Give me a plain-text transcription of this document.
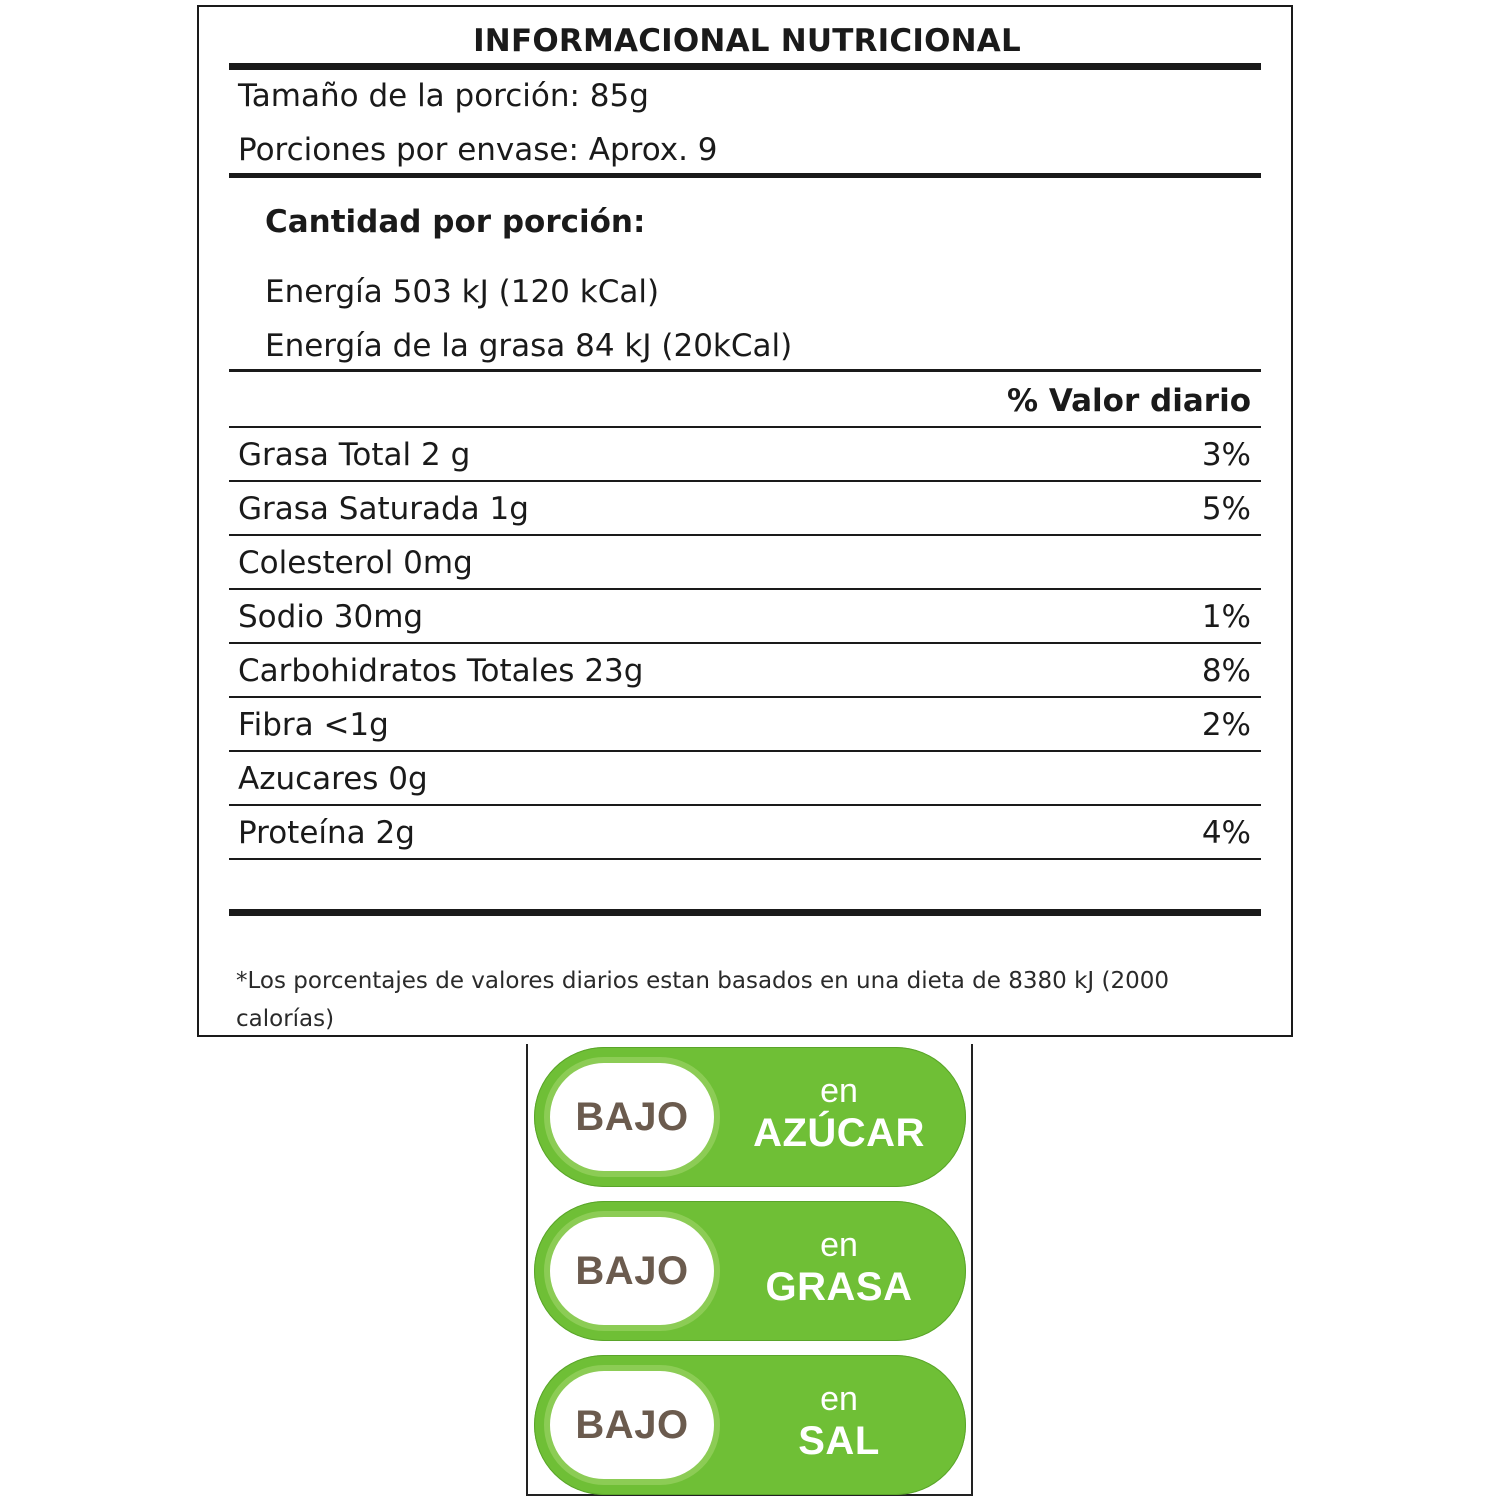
INFORMACIONAL NUTRICIONAL
Tamaño de la porción: 85g
Porciones por envase: Aprox. 9
Cantidad por porción:
Energía 503 kJ (120 kCal)
Energía de la grasa 84 kJ (20kCal)
% Valor diario
Grasa Total 2 g	3%
Grasa Saturada 1g	5%
Colesterol 0mg
Sodio 30mg	1%
Carbohidratos Totales 23g	8%
Fibra <1g	2%
Azucares 0g
Proteína 2g	4%
*Los porcentajes de valores diarios estan basados en una dieta de 8380 kJ (2000 calorías)
BAJO
en
AZÚCAR
BAJO
en
GRASA
BAJO
en
SAL
